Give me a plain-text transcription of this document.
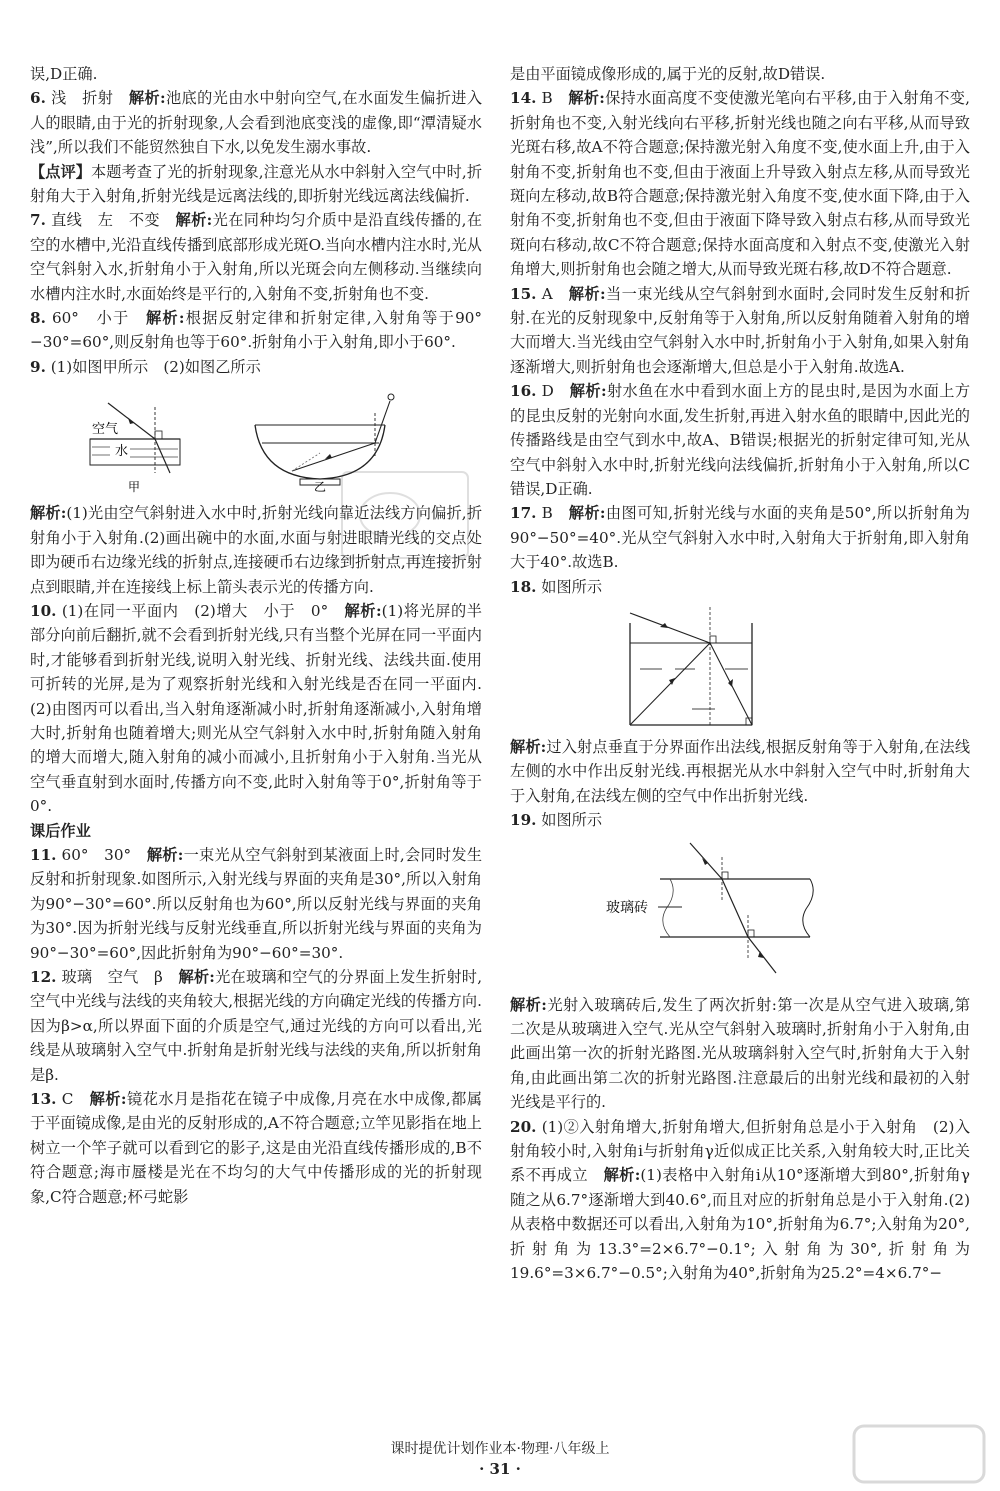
误,D正确.

6. 浅　折射　解析:池底的光由水中射向空气,在水面发生偏折进入人的眼睛,由于光的折射现象,人会看到池底变浅的虚像,即“潭清疑水浅”,所以我们不能贸然独自下水,以免发生溺水事故.

【点评】本题考查了光的折射现象,注意光从水中斜射入空气中时,折射角大于入射角,折射光线是远离法线的,即折射光线远离法线偏折.

7. 直线　左　不变　解析:光在同种均匀介质中是沿直线传播的,在空的水槽中,光沿直线传播到底部形成光斑O.当向水槽内注水时,光从空气斜射入水,折射角小于入射角,所以光斑会向左侧移动.当继续向水槽内注水时,水面始终是平行的,入射角不变,折射角也不变.

8. 60°　小于　解析:根据反射定律和折射定律,入射角等于90°−30°=60°,则反射角也等于60°.折射角小于入射角,即小于60°.

9. (1)如图甲所示　(2)如图乙所示

空气
水
甲	乙

解析:(1)光由空气斜射进入水中时,折射光线向靠近法线方向偏折,折射角小于入射角.(2)画出碗中的水面,水面与射进眼睛光线的交点处即为硬币右边缘光线的折射点,连接硬币右边缘到折射点,再连接折射点到眼睛,并在连接线上标上箭头表示光的传播方向.

10. (1)在同一平面内　(2)增大　小于　0°　解析:(1)将光屏的半部分向前后翻折,就不会看到折射光线,只有当整个光屏在同一平面内时,才能够看到折射光线,说明入射光线、折射光线、法线共面.使用可折转的光屏,是为了观察折射光线和入射光线是否在同一平面内.(2)由图丙可以看出,当入射角逐渐减小时,折射角逐渐减小,入射角增大时,折射角也随着增大;则光从空气斜射入水中时,折射角随入射角的增大而增大,随入射角的减小而减小,且折射角小于入射角.当光从空气垂直射到水面时,传播方向不变,此时入射角等于0°,折射角等于0°.

课后作业

11. 60°　30°　解析:一束光从空气斜射到某液面上时,会同时发生反射和折射现象.如图所示,入射光线与界面的夹角是30°,所以入射角为90°−30°=60°.所以反射角也为60°,所以反射光线与界面的夹角为30°.因为折射光线与反射光线垂直,所以折射光线与界面的夹角为90°−30°=60°,因此折射角为90°−60°=30°.

12. 玻璃　空气　β　解析:光在玻璃和空气的分界面上发生折射时,空气中光线与法线的夹角较大,根据光线的方向确定光线的传播方向.因为β>α,所以界面下面的介质是空气,通过光线的方向可以看出,光线是从玻璃射入空气中.折射角是折射光线与法线的夹角,所以折射角是β.

13. C　解析:镜花水月是指花在镜子中成像,月亮在水中成像,都属于平面镜成像,是由光的反射形成的,A不符合题意;立竿见影指在地上树立一个竿子就可以看到它的影子,这是由光沿直线传播形成的,B不符合题意;海市蜃楼是光在不均匀的大气中传播形成的光的折射现象,C符合题意;杯弓蛇影

是由平面镜成像形成的,属于光的反射,故D错误.

14. B　解析:保持水面高度不变使激光笔向右平移,由于入射角不变,折射角也不变,入射光线向右平移,折射光线也随之向右平移,从而导致光斑右移,故A不符合题意;保持激光射入角度不变,使水面上升,由于入射角不变,折射角也不变,但由于液面上升导致入射点左移,从而导致光斑向左移动,故B符合题意;保持激光射入角度不变,使水面下降,由于入射角不变,折射角也不变,但由于液面下降导致入射点右移,从而导致光斑向右移动,故C不符合题意;保持水面高度和入射点不变,使激光入射角增大,则折射角也会随之增大,从而导致光斑右移,故D不符合题意.

15. A　解析:当一束光线从空气斜射到水面时,会同时发生反射和折射.在光的反射现象中,反射角等于入射角,所以反射角随着入射角的增大而增大.当光线由空气斜射入水中时,折射角小于入射角,如果入射角逐渐增大,则折射角也会逐渐增大,但总是小于入射角.故选A.

16. D　解析:射水鱼在水中看到水面上方的昆虫时,是因为水面上方的昆虫反射的光射向水面,发生折射,再进入射水鱼的眼睛中,因此光的传播路线是由空气到水中,故A、B错误;根据光的折射定律可知,光从空气中斜射入水中时,折射光线向法线偏折,折射角小于入射角,所以C错误,D正确.

17. B　解析:由图可知,折射光线与水面的夹角是50°,所以折射角为90°−50°=40°.光从空气斜射入水中时,入射角大于折射角,即入射角大于40°.故选B.

18. 如图所示

解析:过入射点垂直于分界面作出法线,根据反射角等于入射角,在法线左侧的水中作出反射光线.再根据光从水中斜射入空气中时,折射角大于入射角,在法线左侧的空气中作出折射光线.

19. 如图所示

玻璃砖

解析:光射入玻璃砖后,发生了两次折射:第一次是从空气进入玻璃,第二次是从玻璃进入空气.光从空气斜射入玻璃时,折射角小于入射角,由此画出第一次的折射光路图.光从玻璃斜射入空气时,折射角大于入射角,由此画出第二次的折射光路图.注意最后的出射光线和最初的入射光线是平行的.

20. (1)②入射角增大,折射角增大,但折射角总是小于入射角　(2)入射角较小时,入射角i与折射角γ近似成正比关系,入射角较大时,正比关系不再成立　解析:(1)表格中入射角i从10°逐渐增大到80°,折射角γ随之从6.7°逐渐增大到40.6°,而且对应的折射角总是小于入射角.(2)从表格中数据还可以看出,入射角为10°,折射角为6.7°;入射角为20°,折射角为13.3°=2×6.7°−0.1°;入射角为30°,折射角为19.6°=3×6.7°−0.5°;入射角为40°,折射角为25.2°=4×6.7°−

课时提优计划作业本·物理·八年级上
· 31 ·
